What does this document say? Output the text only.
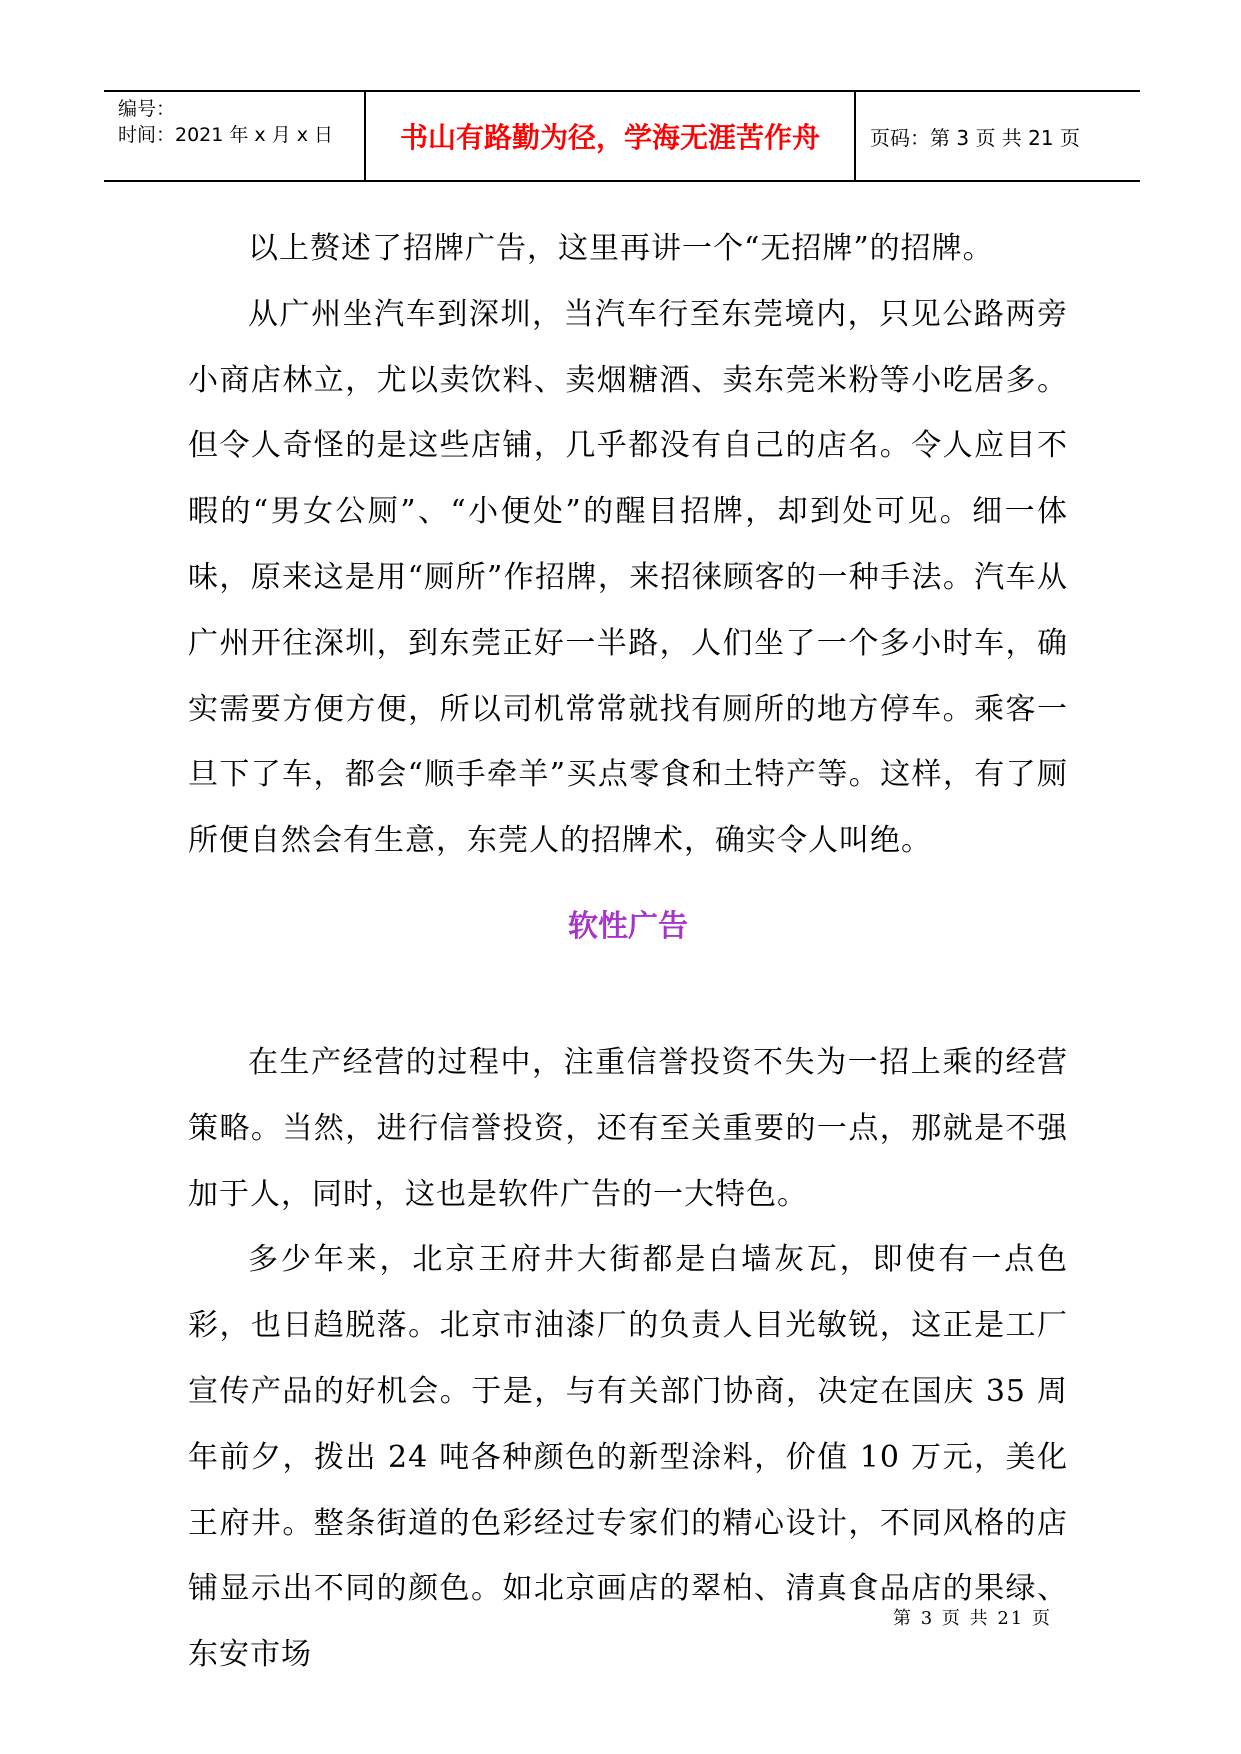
编号：
时间：2021 年 x 月 x 日 书山有路勤为径，学海无涯苦作舟	页码：第 3 页 共 21 页

以上赘述了招牌广告，这里再讲一个“无招牌”的招牌。

从广州坐汽车到深圳，当汽车行至东莞境内，只见公路两旁小商店林立，尤以卖饮料、卖烟糖酒、卖东莞米粉等小吃居多。但令人奇怪的是这些店铺，几乎都没有自己的店名。令人应目不暇的“男女公厕”、“小便处”的醒目招牌，却到处可见。细一体味，原来这是用“厕所”作招牌，来招徕顾客的一种手法。汽车从广州开往深圳，到东莞正好一半路，人们坐了一个多小时车，确实需要方便方便，所以司机常常就找有厕所的地方停车。乘客一旦下了车，都会“顺手牵羊”买点零食和土特产等。这样，有了厕所便自然会有生意，东莞人的招牌术，确实令人叫绝。

软性广告

在生产经营的过程中，注重信誉投资不失为一招上乘的经营策略。当然，进行信誉投资，还有至关重要的一点，那就是不强加于人，同时，这也是软件广告的一大特色。

多少年来，北京王府井大街都是白墙灰瓦，即使有一点色彩，也日趋脱落。北京市油漆厂的负责人目光敏锐，这正是工厂宣传产品的好机会。于是，与有关部门协商，决定在国庆 35 周年前夕，拨出 24 吨各种颜色的新型涂料，价值 10 万元，美化王府井。整条街道的色彩经过专家们的精心设计，不同风格的店铺显示出不同的颜色。如北京画店的翠柏、清真食品店的果绿、东安市场

第 3 页 共 21 页
